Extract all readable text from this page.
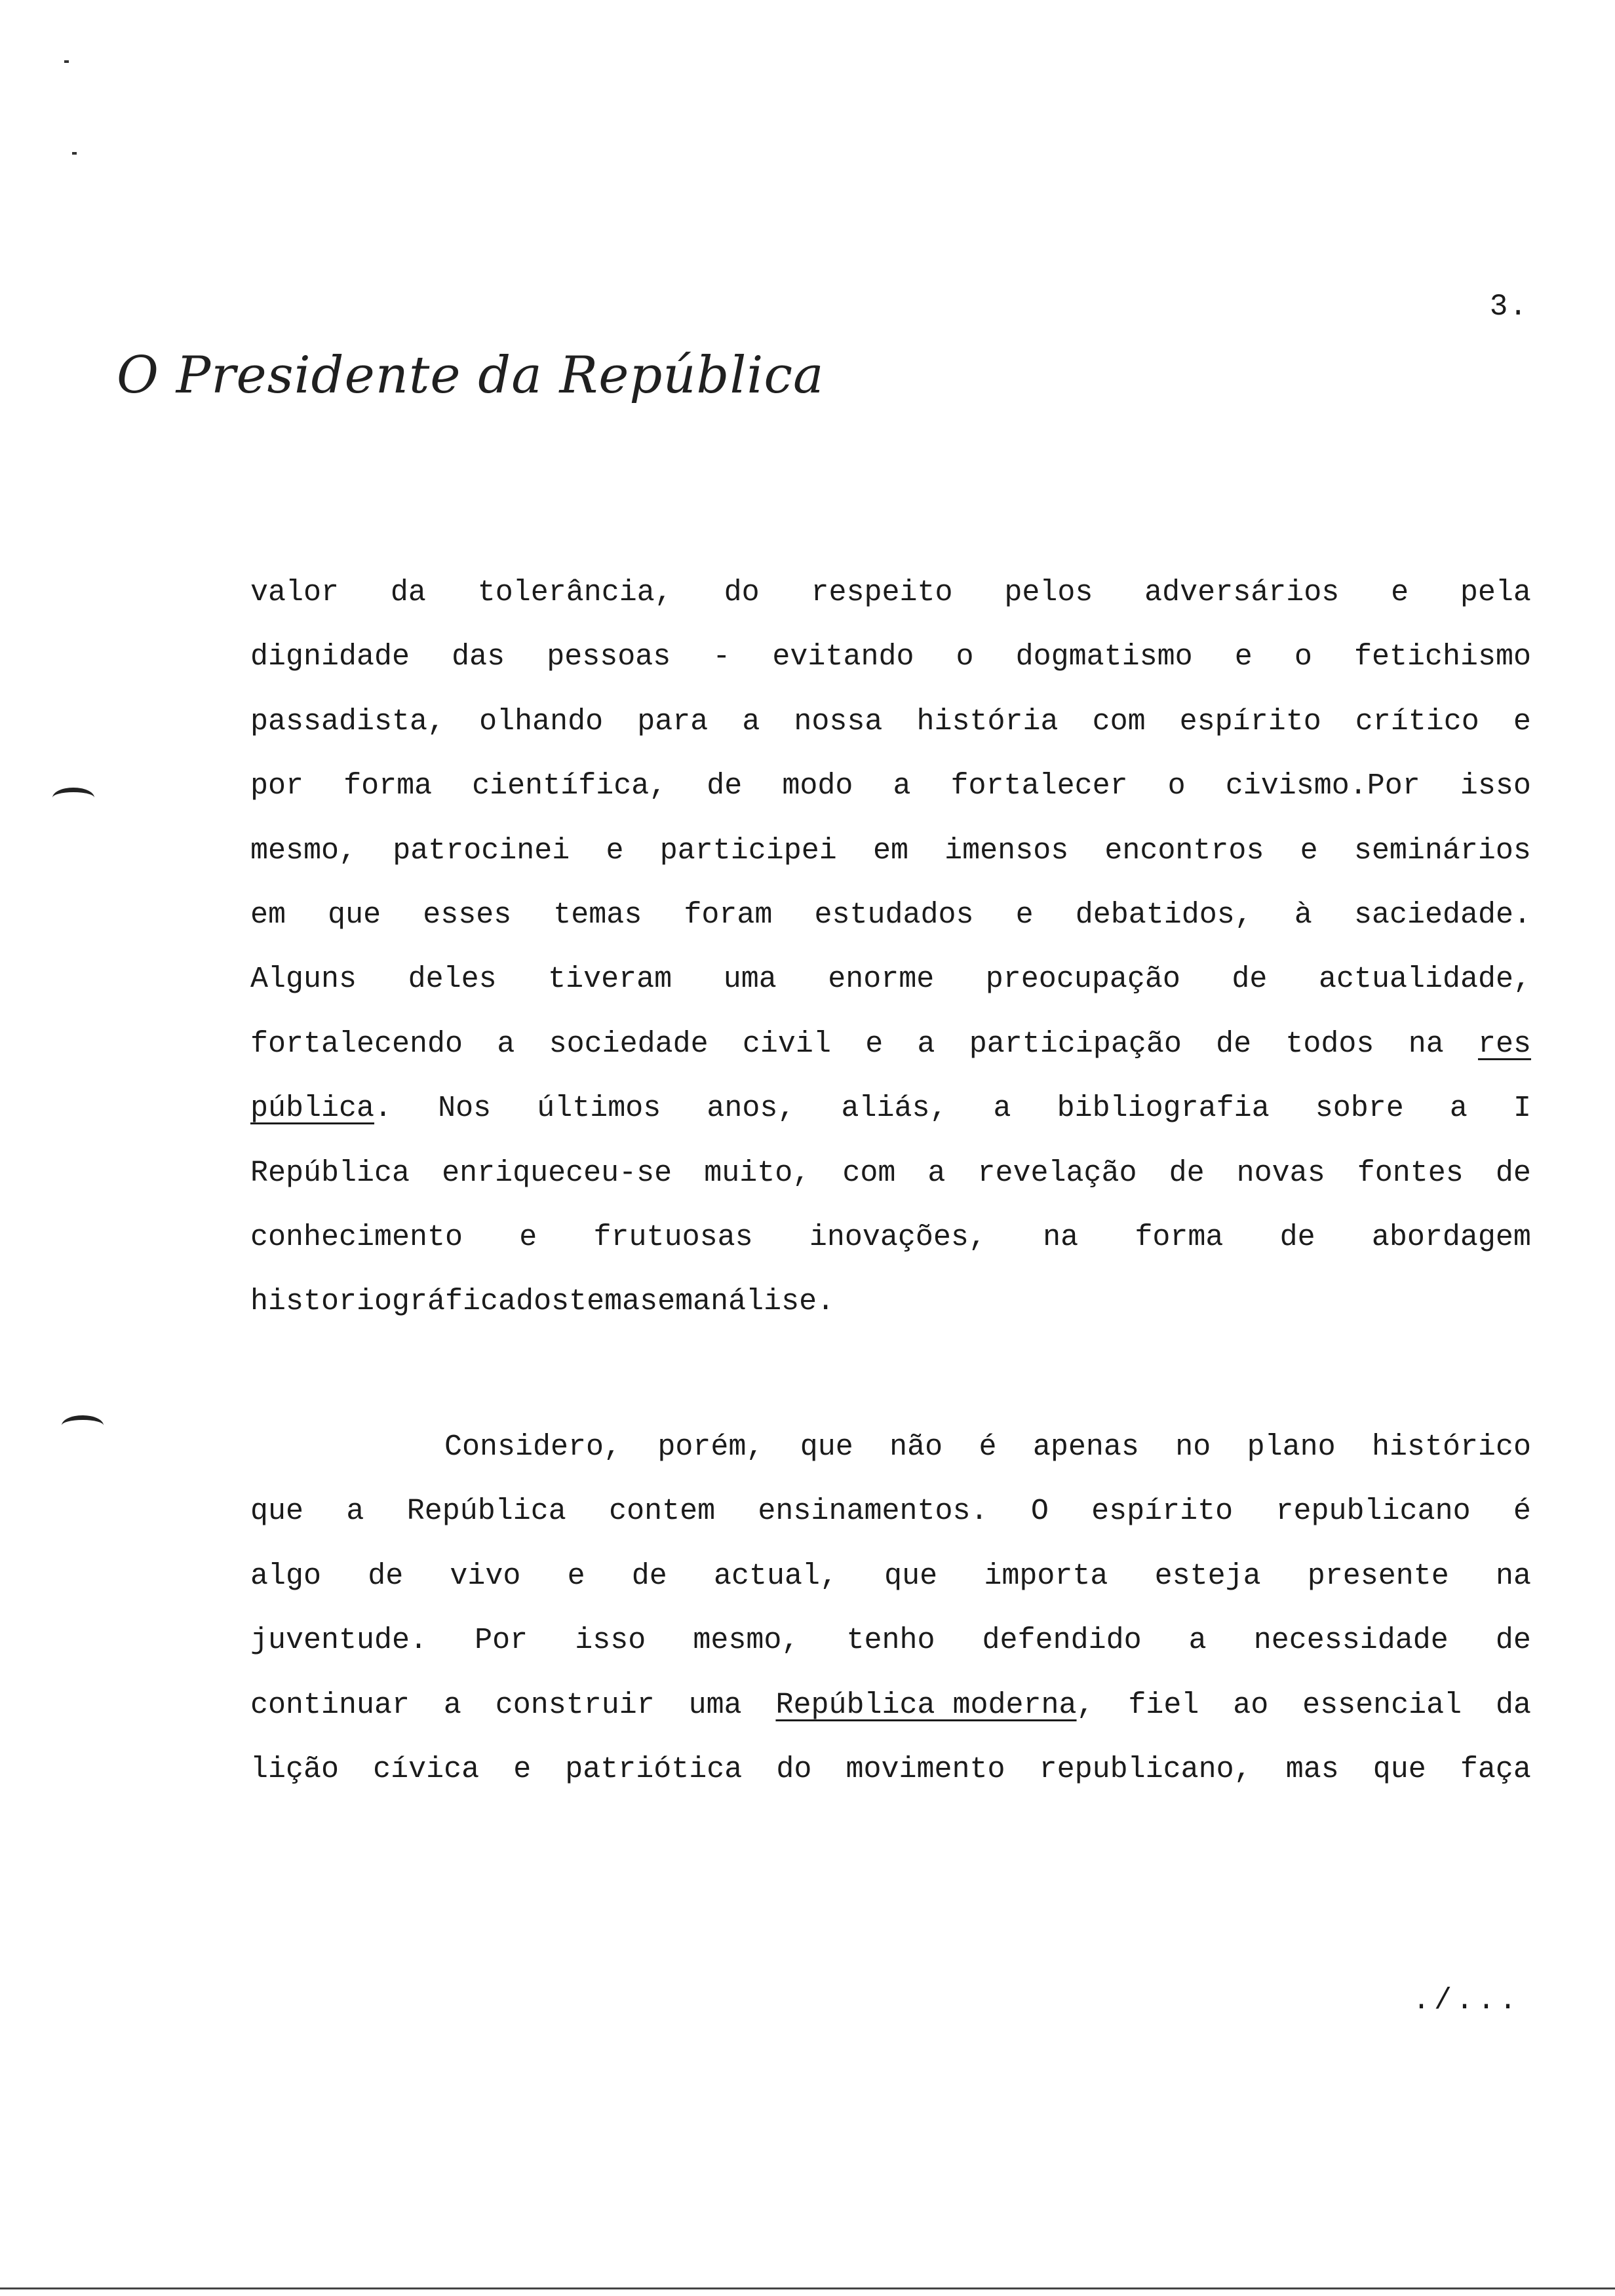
3.
O Presidente da República
valor da tolerância, do respeito pelos adversários e pela
dignidade das pessoas - evitando o dogmatismo e o fetichismo
passadista, olhando para a nossa história com espírito crítico e
por forma científica, de modo a fortalecer o civismo.Por isso
mesmo, patrocinei e participei em imensos encontros e seminários
em que esses temas foram estudados e debatidos, à saciedade.
Alguns deles tiveram uma enorme preocupação de actualidade,
fortalecendo a sociedade civil e a participação de todos na res
pública. Nos últimos anos, aliás, a bibliografia sobre a I
República enriqueceu-se muito, com a revelação de novas fontes de
conhecimento e frutuosas inovações, na forma de abordagem
historiográfica dos temas em análise.
Considero, porém, que não é apenas no plano histórico
que a República contem ensinamentos. O espírito republicano é
algo de vivo e de actual, que importa esteja presente na
juventude. Por isso mesmo, tenho defendido a necessidade de
continuar a construir uma República moderna, fiel ao essencial da
lição cívica e patriótica do movimento republicano, mas que faça
./...
